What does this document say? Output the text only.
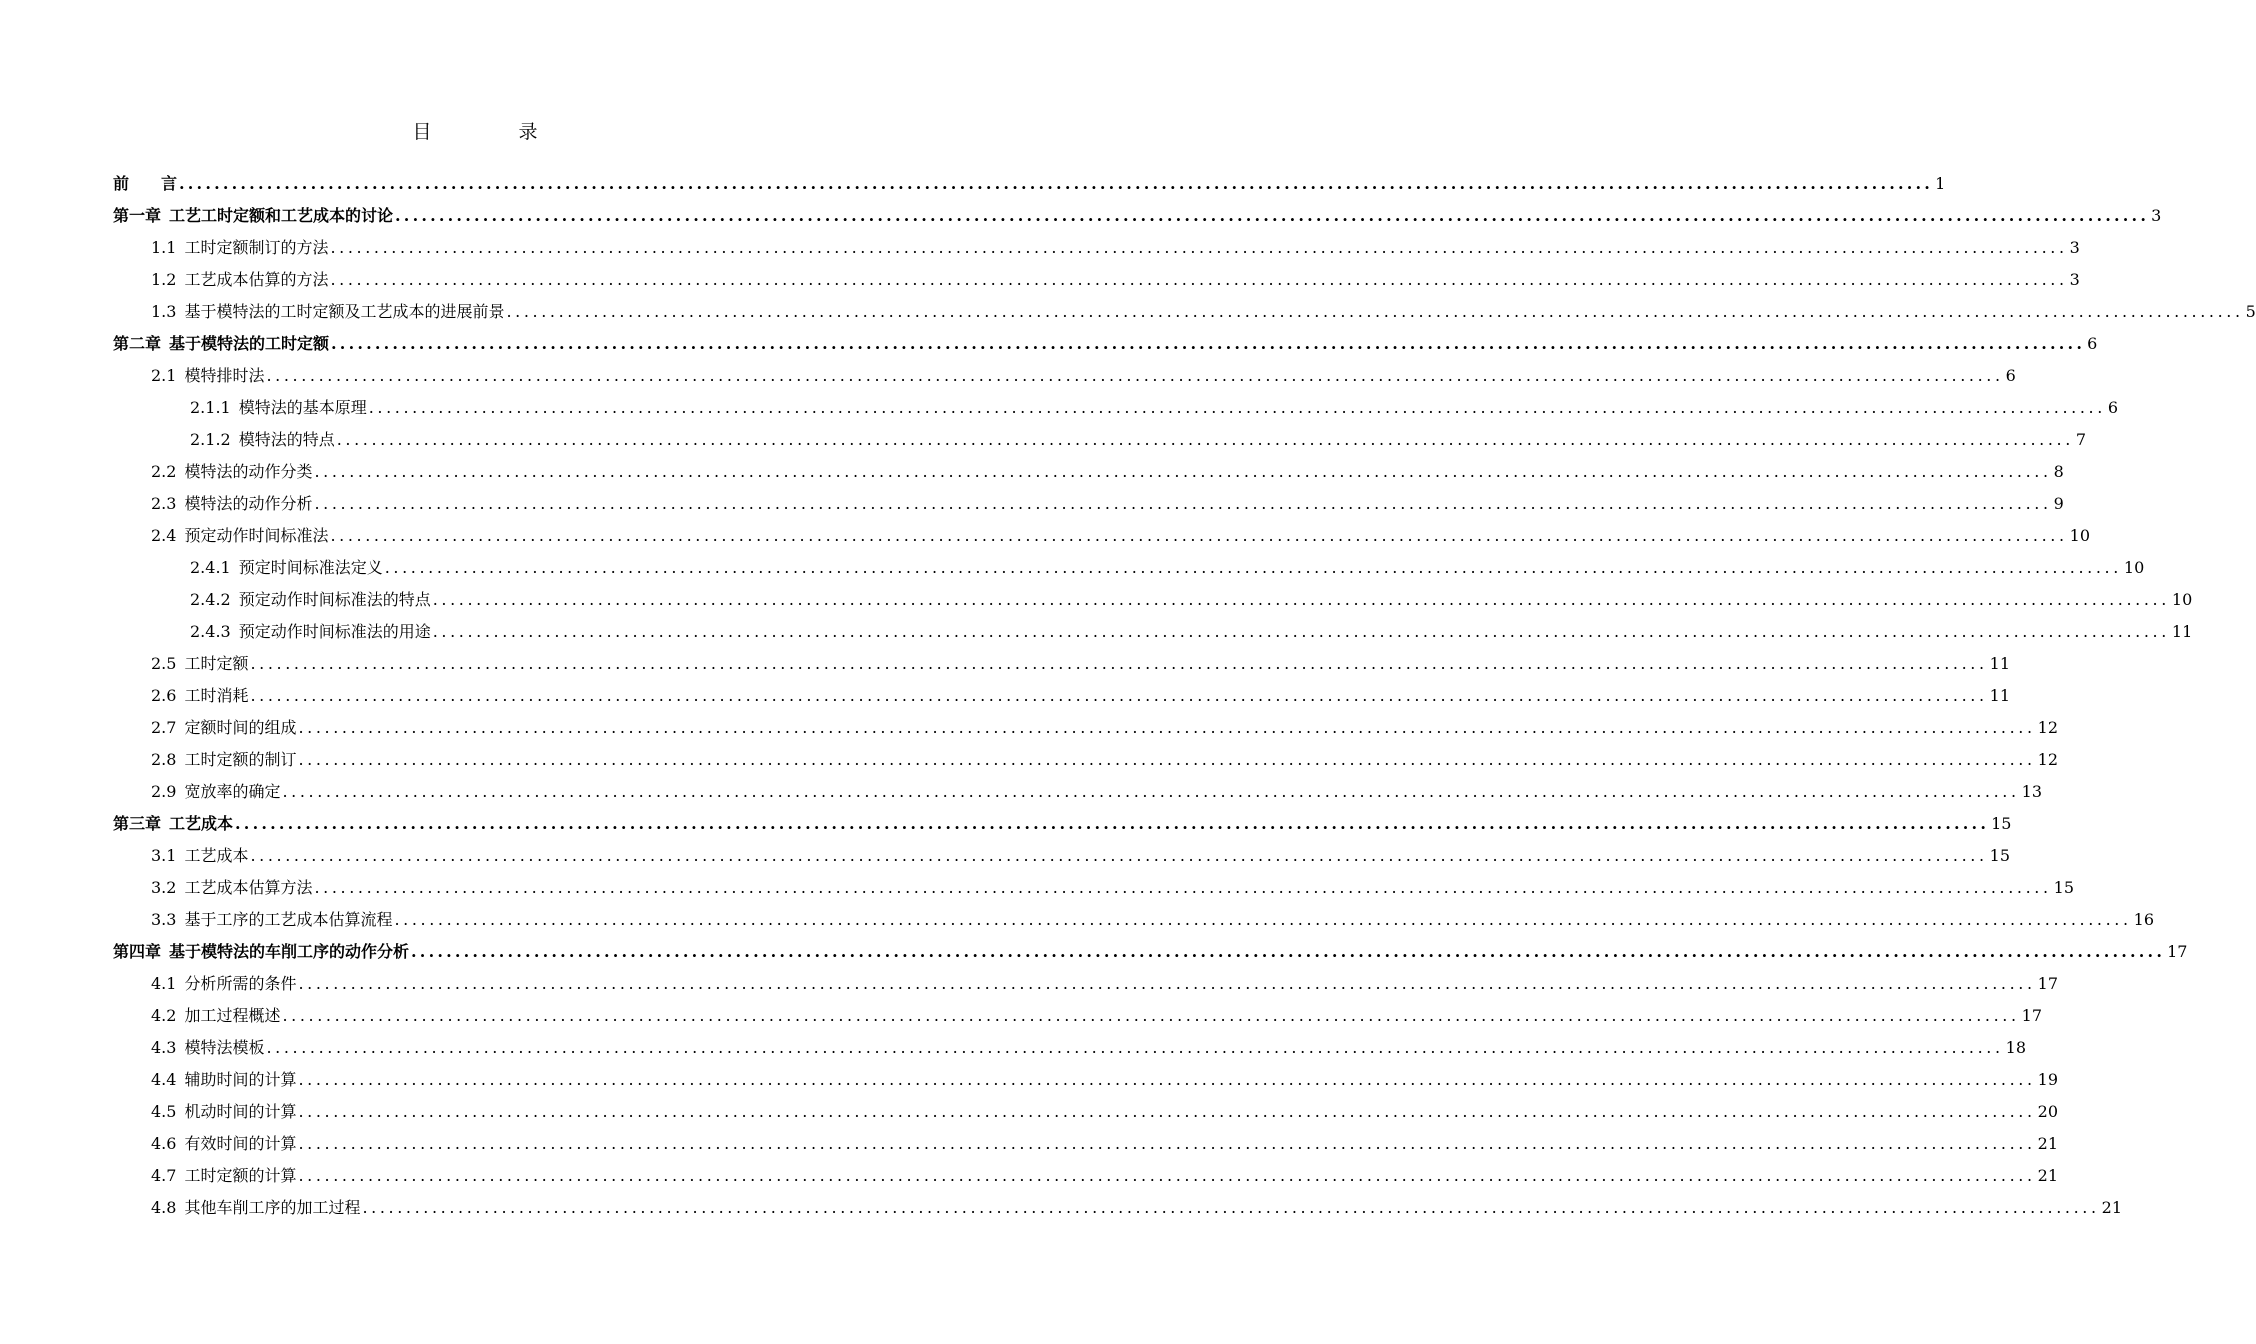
目　录
前　　言 ........................................................................................................................................................................................................ 1
第一章 工艺工时定额和工艺成本的讨论 ........................................................................................................................................................................................................ 3
1.1 工时定额制订的方法 ........................................................................................................................................................................................................ 3
1.2 工艺成本估算的方法 ........................................................................................................................................................................................................ 3
1.3 基于模特法的工时定额及工艺成本的进展前景 ........................................................................................................................................................................................................ 5
第二章 基于模特法的工时定额 ........................................................................................................................................................................................................ 6
2.1 模特排时法 ........................................................................................................................................................................................................ 6
2.1.1 模特法的基本原理 ........................................................................................................................................................................................................ 6
2.1.2 模特法的特点 ........................................................................................................................................................................................................ 7
2.2 模特法的动作分类 ........................................................................................................................................................................................................ 8
2.3 模特法的动作分析 ........................................................................................................................................................................................................ 9
2.4 预定动作时间标准法 ........................................................................................................................................................................................................ 10
2.4.1 预定时间标准法定义 ........................................................................................................................................................................................................ 10
2.4.2 预定动作时间标准法的特点 ........................................................................................................................................................................................................ 10
2.4.3 预定动作时间标准法的用途 ........................................................................................................................................................................................................ 11
2.5 工时定额 ........................................................................................................................................................................................................ 11
2.6 工时消耗 ........................................................................................................................................................................................................ 11
2.7 定额时间的组成 ........................................................................................................................................................................................................ 12
2.8 工时定额的制订 ........................................................................................................................................................................................................ 12
2.9 宽放率的确定 ........................................................................................................................................................................................................ 13
第三章 工艺成本 ........................................................................................................................................................................................................ 15
3.1 工艺成本 ........................................................................................................................................................................................................ 15
3.2 工艺成本估算方法 ........................................................................................................................................................................................................ 15
3.3 基于工序的工艺成本估算流程 ........................................................................................................................................................................................................ 16
第四章 基于模特法的车削工序的动作分析 ........................................................................................................................................................................................................ 17
4.1 分析所需的条件 ........................................................................................................................................................................................................ 17
4.2 加工过程概述 ........................................................................................................................................................................................................ 17
4.3 模特法模板 ........................................................................................................................................................................................................ 18
4.4 辅助时间的计算 ........................................................................................................................................................................................................ 19
4.5 机动时间的计算 ........................................................................................................................................................................................................ 20
4.6 有效时间的计算 ........................................................................................................................................................................................................ 21
4.7 工时定额的计算 ........................................................................................................................................................................................................ 21
4.8 其他车削工序的加工过程 ........................................................................................................................................................................................................ 21
